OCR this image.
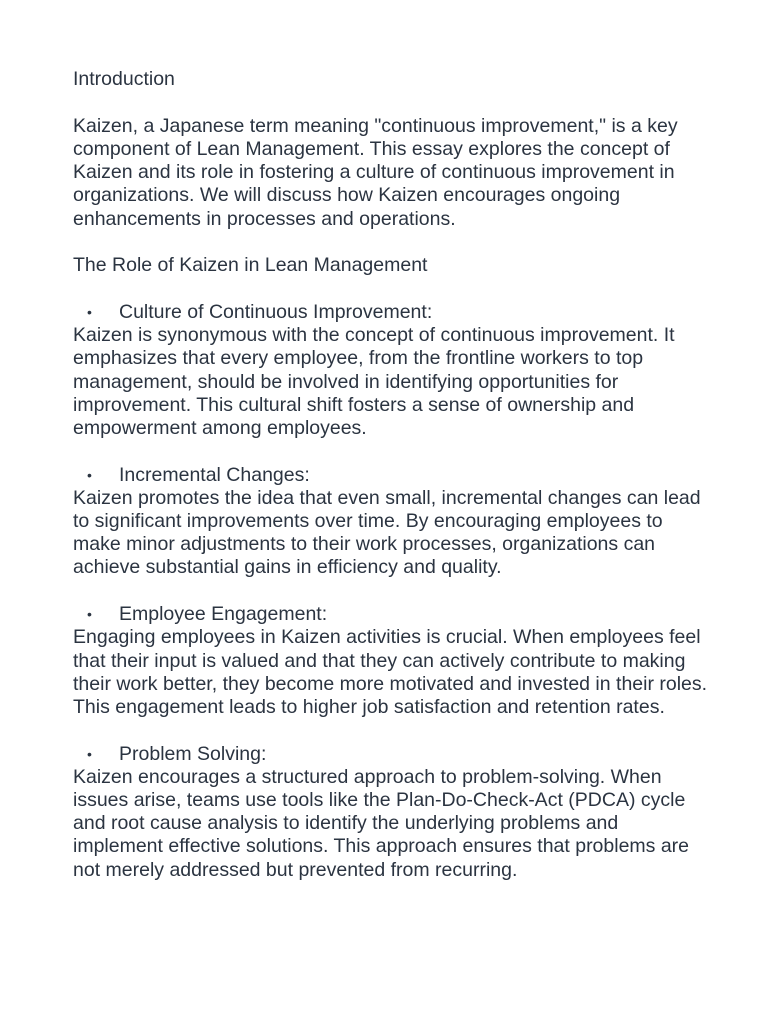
Introduction

Kaizen, a Japanese term meaning "continuous improvement," is a key component of Lean Management. This essay explores the concept of Kaizen and its role in fostering a culture of continuous improvement in organizations. We will discuss how Kaizen encourages ongoing enhancements in processes and operations.

The Role of Kaizen in Lean Management

• Culture of Continuous Improvement:

Kaizen is synonymous with the concept of continuous improvement. It emphasizes that every employee, from the frontline workers to top management, should be involved in identifying opportunities for improvement. This cultural shift fosters a sense of ownership and empowerment among employees.

• Incremental Changes:

Kaizen promotes the idea that even small, incremental changes can lead to significant improvements over time. By encouraging employees to make minor adjustments to their work processes, organizations can achieve substantial gains in efficiency and quality.

• Employee Engagement:

Engaging employees in Kaizen activities is crucial. When employees feel that their input is valued and that they can actively contribute to making their work better, they become more motivated and invested in their roles. This engagement leads to higher job satisfaction and retention rates.

• Problem Solving:

Kaizen encourages a structured approach to problem-solving. When issues arise, teams use tools like the Plan-Do-Check-Act (PDCA) cycle and root cause analysis to identify the underlying problems and implement effective solutions. This approach ensures that problems are not merely addressed but prevented from recurring.
